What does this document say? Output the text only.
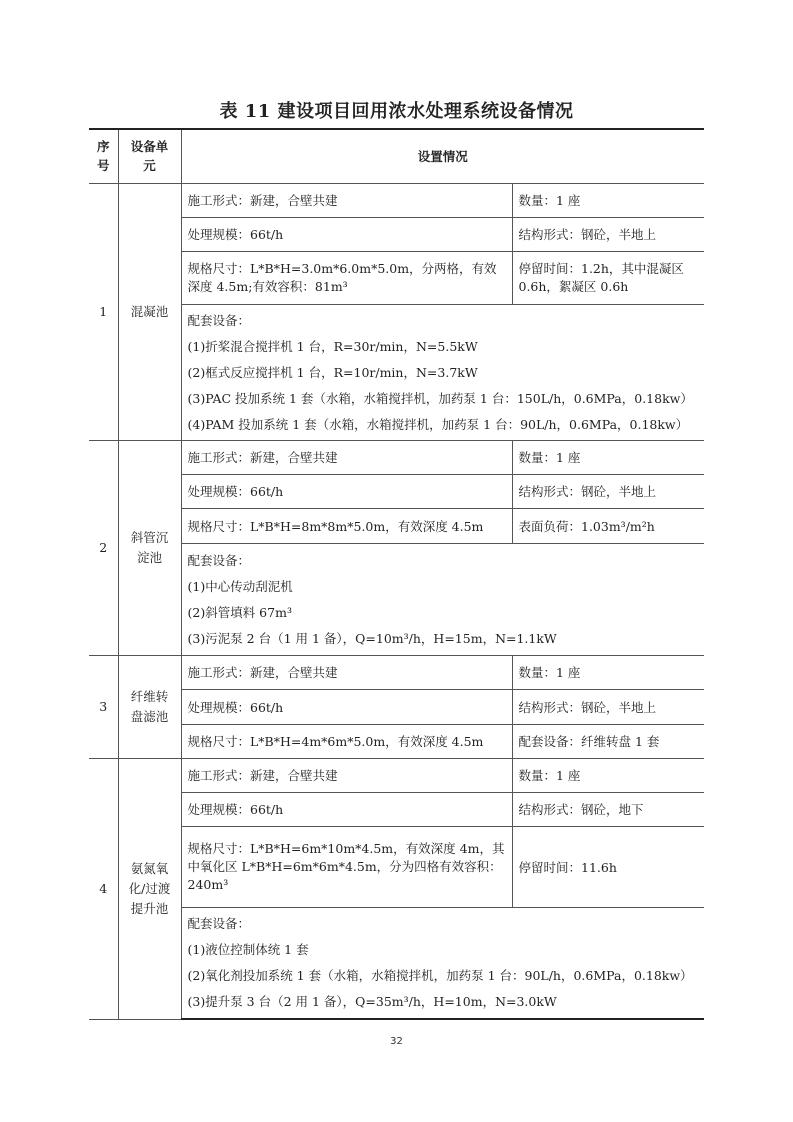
表 11 建设项目回用浓水处理系统设备情况
序号	设备单元	设置情况	
1	混凝池	施工形式：新建，合壁共建	数量：1 座
		处理规模：66t/h	结构形式：钢砼，半地上
		规格尺寸：L*B*H=3.0m*6.0m*5.0m，分两格，有效深度 4.5m;有效容积：81m³	停留时间：1.2h，其中混凝区 0.6h，絮凝区 0.6h

		配套设备：
(1)折桨混合搅拌机 1 台，R=30r/min，N=5.5kW
(2)框式反应搅拌机 1 台，R=10r/min，N=3.7kW
(3)PAC 投加系统 1 套（水箱，水箱搅拌机，加药泵 1 台：150L/h，0.6MPa，0.18kw）
(4)PAM 投加系统 1 套（水箱，水箱搅拌机，加药泵 1 台：90L/h，0.6MPa，0.18kw）	

2	斜管沉淀池	施工形式：新建，合壁共建	数量：1 座
		处理规模：66t/h	结构形式：钢砼，半地上
		规格尺寸：L*B*H=8m*8m*5.0m，有效深度 4.5m	表面负荷：1.03m³/m²h

		配套设备：
(1)中心传动刮泥机
(2)斜管填料 67m³
(3)污泥泵 2 台（1 用 1 备），Q=10m³/h，H=15m，N=1.1kW	

3	纤维转盘滤池	施工形式：新建，合壁共建	数量：1 座
		处理规模：66t/h	结构形式：钢砼，半地上
		规格尺寸：L*B*H=4m*6m*5.0m，有效深度 4.5m	配套设备：纤维转盘 1 套
4	氨氮氧化/过渡提升池	施工形式：新建，合壁共建	数量：1 座
		处理规模：66t/h	结构形式：钢砼，地下
		规格尺寸：L*B*H=6m*10m*4.5m，有效深度 4m，其中氧化区 L*B*H=6m*6m*4.5m，分为四格有效容积：240m³	停留时间：11.6h

		配套设备：
(1)液位控制体统 1 套
(2)氧化剂投加系统 1 套（水箱，水箱搅拌机，加药泵 1 台：90L/h，0.6MPa，0.18kw）
(3)提升泵 3 台（2 用 1 备），Q=35m³/h，H=10m，N=3.0kW	
32
